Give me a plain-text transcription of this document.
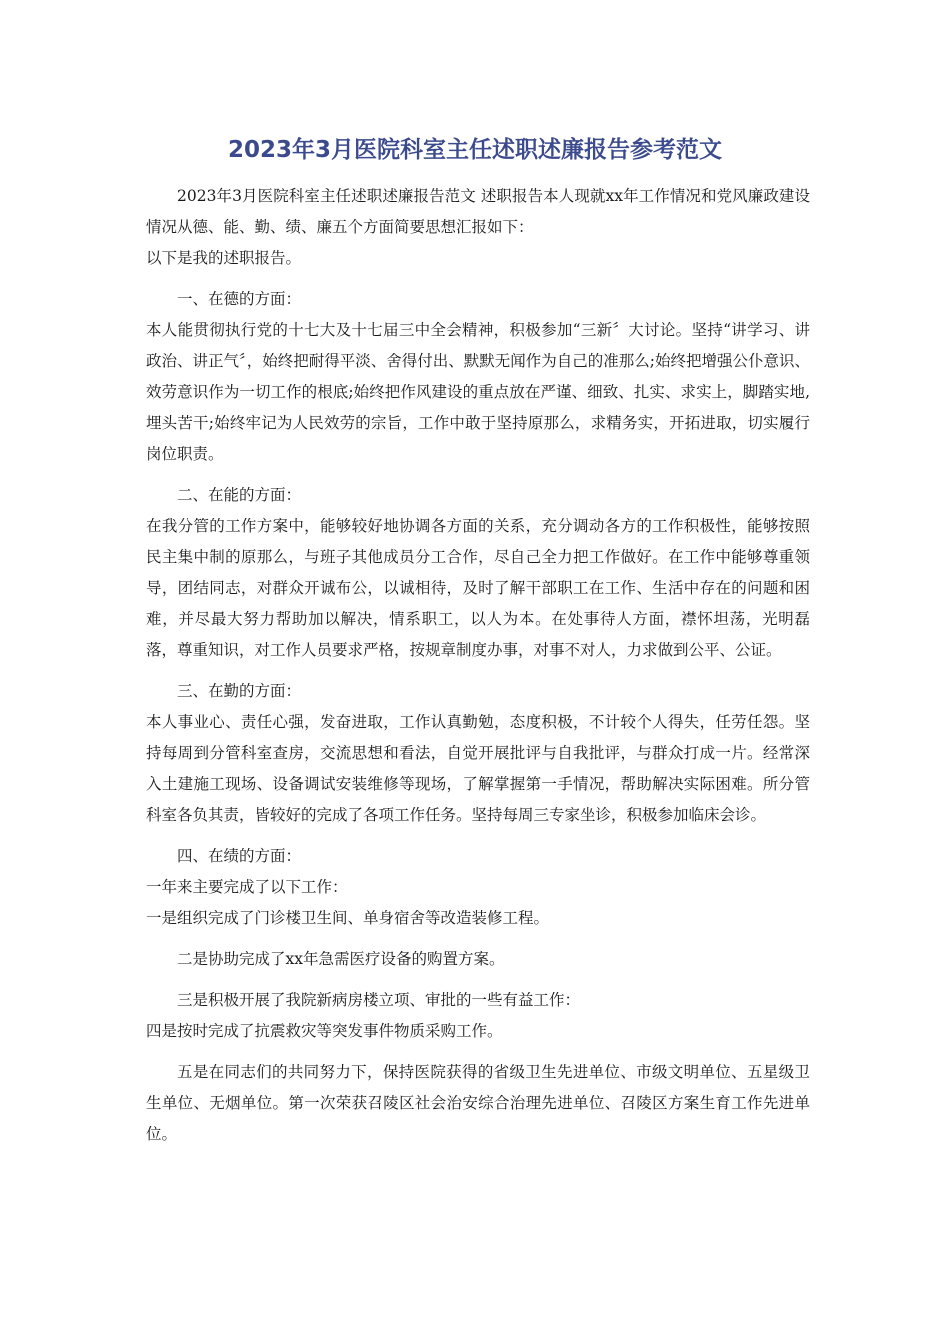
2023年3月医院科室主任述职述廉报告参考范文

2023年3月医院科室主任述职述廉报告范文 述职报告本人现就xx年工作情况和党风廉政建设情况从德、能、勤、绩、廉五个方面简要思想汇报如下：

以下是我的述职报告。

一、在德的方面：

本人能贯彻执行党的十七大及十七届三中全会精神，积极参加“三新〞大讨论。坚持“讲学习、讲政治、讲正气〞，始终把耐得平淡、舍得付出、默默无闻作为自己的准那么;始终把增强公仆意识、效劳意识作为一切工作的根底;始终把作风建设的重点放在严谨、细致、扎实、求实上，脚踏实地,埋头苦干;始终牢记为人民效劳的宗旨，工作中敢于坚持原那么，求精务实，开拓进取，切实履行岗位职责。

二、在能的方面：

在我分管的工作方案中，能够较好地协调各方面的关系，充分调动各方的工作积极性，能够按照民主集中制的原那么，与班子其他成员分工合作，尽自己全力把工作做好。在工作中能够尊重领导，团结同志，对群众开诚布公，以诚相待，及时了解干部职工在工作、生活中存在的问题和困难，并尽最大努力帮助加以解决，情系职工，以人为本。在处事待人方面，襟怀坦荡，光明磊落，尊重知识，对工作人员要求严格，按规章制度办事，对事不对人，力求做到公平、公证。

三、在勤的方面：

本人事业心、责任心强，发奋进取，工作认真勤勉，态度积极，不计较个人得失，任劳任怨。坚持每周到分管科室查房，交流思想和看法，自觉开展批评与自我批评，与群众打成一片。经常深入土建施工现场、设备调试安装维修等现场，了解掌握第一手情况，帮助解决实际困难。所分管科室各负其责，皆较好的完成了各项工作任务。坚持每周三专家坐诊，积极参加临床会诊。

四、在绩的方面：

一年来主要完成了以下工作：

一是组织完成了门诊楼卫生间、单身宿舍等改造装修工程。

二是协助完成了xx年急需医疗设备的购置方案。

三是积极开展了我院新病房楼立项、审批的一些有益工作：

四是按时完成了抗震救灾等突发事件物质采购工作。

五是在同志们的共同努力下，保持医院获得的省级卫生先进单位、市级文明单位、五星级卫生单位、无烟单位。第一次荣获召陵区社会治安综合治理先进单位、召陵区方案生育工作先进单位。
